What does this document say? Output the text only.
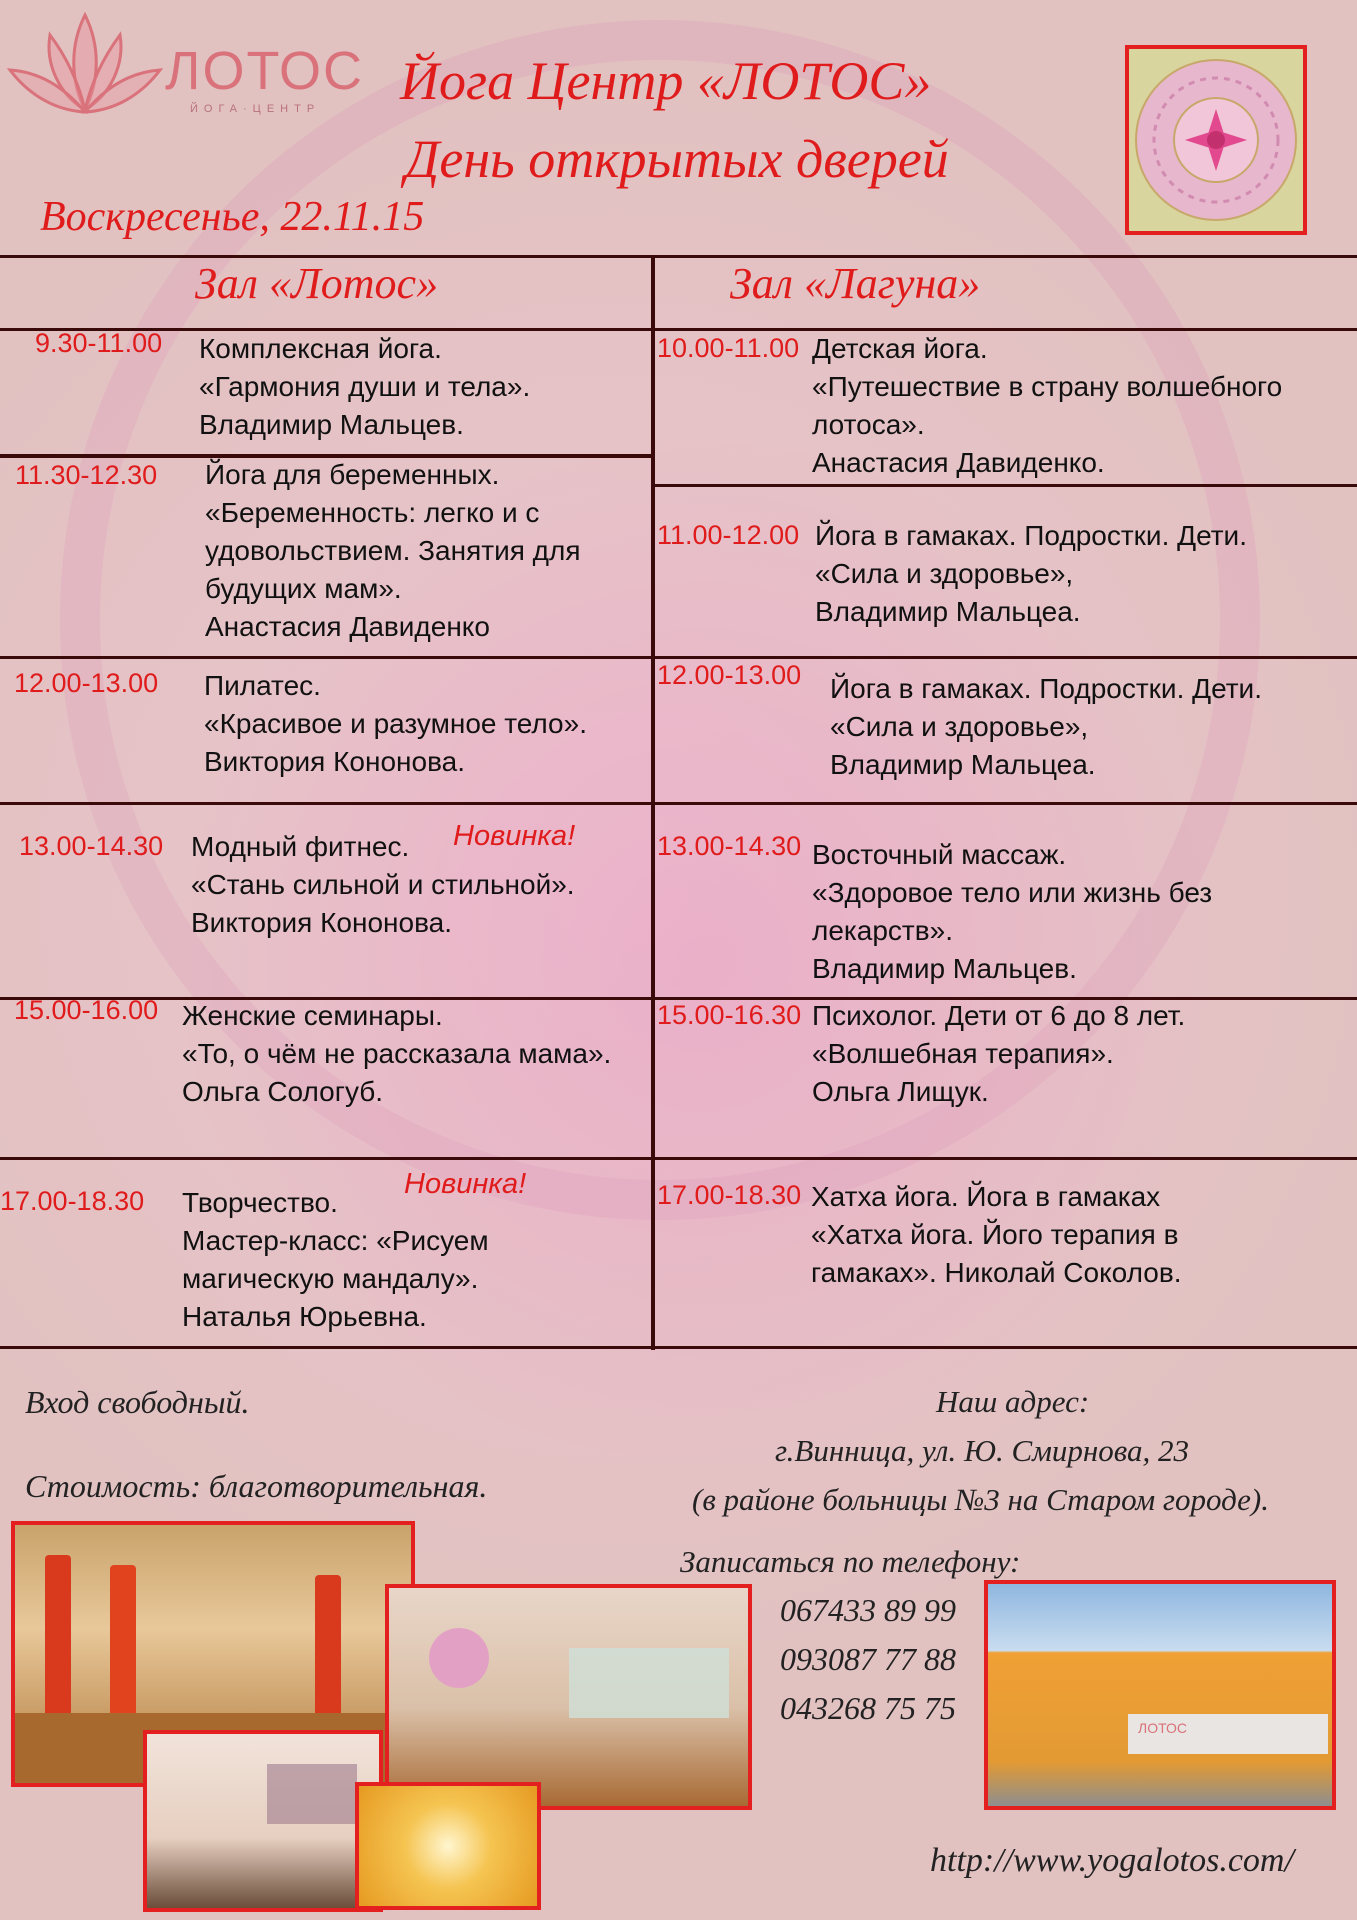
ЛОТОС
ЙОГА·ЦЕНТР Йога Центр «ЛОТОС»
День открытых дверей
Воскресенье, 22.11.15
Зал «Лотос»	Зал «Лагуна»
9.30-11.00 Комплексная йога.
«Гармония души и тела».
Владимир Мальцев.
11.30-12.30 Йога для беременных.
«Беременность: легко и с
удовольствием. Занятия для
будущих мам».
Анастасия Давиденко
12.00-13.00 Пилатес.
«Красивое и разумное тело».
Виктория Кононова.
13.00-14.30	Новинка!
Модный фитнес.
«Стань сильной и стильной».
Виктория Кононова.
15.00-16.00 Женские семинары.
«То, о чём не рассказала мама».
Ольга Сологуб.
17.00-18.30
Новинка!
Творчество.
Мастер-класс: «Рисуем
магическую мандалу».
Наталья Юрьевна.
10.00-11.00 Детская йога.
«Путешествие в страну волшебного
лотоса».
Анастасия Давиденко.
11.00-12.00 Йога в гамаках. Подростки. Дети.
«Сила и здоровье»,
Владимир Мальцеа.
12.00-13.00 Йога в гамаках. Подростки. Дети.
«Сила и здоровье»,
Владимир Мальцеа.
13.00-14.30 Восточный массаж.
«Здоровое тело или жизнь без
лекарств».
Владимир Мальцев.
15.00-16.30 Психолог. Дети от 6 до 8 лет.
«Волшебная терапия».
Ольга Лищук.
17.00-18.30 Хатха йога. Йога в гамаках
«Хатха йога. Його терапия в
гамаках». Николай Соколов.
Вход свободный.
Стоимость: благотворительная.
Наш адрес:
г.Винница, ул. Ю. Смирнова, 23
(в районе больницы №3 на Старом городе).
Записаться по телефону:
067433 89 99
093087 77 88
043268 75 75
http://www.yogalotos.com/
ЛОТОС
